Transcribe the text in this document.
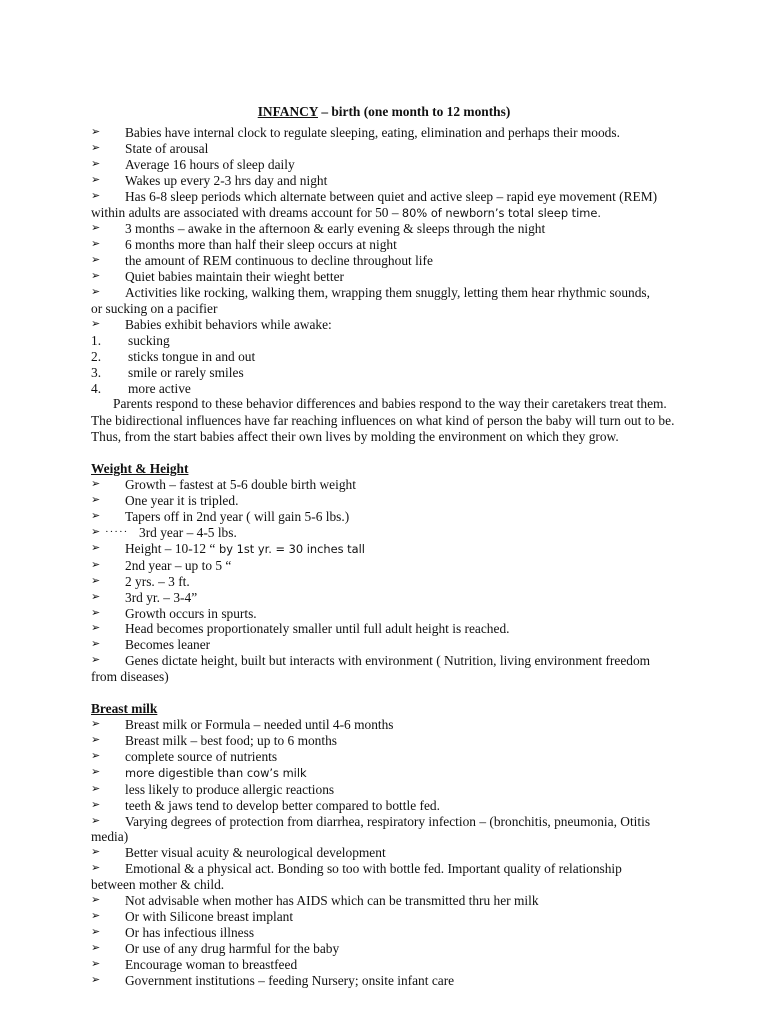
INFANCY – birth (one month to 12 months)
➢ Babies have internal clock to regulate sleeping, eating, elimination and perhaps their moods.
➢ State of arousal
➢ Average 16 hours of sleep daily
➢ Wakes up every 2-3 hrs day and night
➢ Has 6-8 sleep periods which alternate between quiet and active sleep – rapid eye movement (REM)
within adults are associated with dreams account for 50 – 80% of newborn’s total sleep time.
➢ 3 months – awake in the afternoon & early evening & sleeps through the night
➢ 6 months more than half their sleep occurs at night
➢ the amount of REM continuous to decline throughout life
➢ Quiet babies maintain their wieght better
➢ Activities like rocking, walking them, wrapping them snuggly, letting them hear rhythmic sounds,
or sucking on a pacifier
➢ Babies exhibit behaviors while awake:
1. sucking
2. sticks tongue in and out
3. smile or rarely smiles
4. more active
Parents respond to these behavior differences and babies respond to the way their caretakers treat them. The bidirectional influences have far reaching influences on what kind of person the baby will turn out to be. Thus, from the start babies affect their own lives by molding the environment on which they grow.
Weight & Height
➢ Growth – fastest at 5-6 double birth weight
➢ One year it is tripled.
➢ Tapers off in 2nd year ( will gain 5-6 lbs.)
➢ ····· 3rd year – 4-5 lbs.
➢ Height – 10-12 “ by 1st yr. = 30 inches tall
➢ 2nd year – up to 5 “
➢ 2 yrs. – 3 ft.
➢ 3rd yr. – 3-4”
➢ Growth occurs in spurts.
➢ Head becomes proportionately smaller until full adult height is reached.
➢ Becomes leaner
➢ Genes dictate height, built but interacts with environment ( Nutrition, living environment freedom
from diseases)
Breast milk
➢ Breast milk or Formula – needed until 4-6 months
➢ Breast milk – best food; up to 6 months
➢ complete source of nutrients
➢ more digestible than cow’s milk
➢ less likely to produce allergic reactions
➢ teeth & jaws tend to develop better compared to bottle fed.
➢ Varying degrees of protection from diarrhea, respiratory infection – (bronchitis, pneumonia, Otitis
media)
➢ Better visual acuity & neurological development
➢ Emotional & a physical act. Bonding so too with bottle fed. Important quality of relationship
between mother & child.
➢ Not advisable when mother has AIDS which can be transmitted thru her milk
➢ Or with Silicone breast implant
➢ Or has infectious illness
➢ Or use of any drug harmful for the baby
➢ Encourage woman to breastfeed
➢ Government institutions – feeding Nursery; onsite infant care
